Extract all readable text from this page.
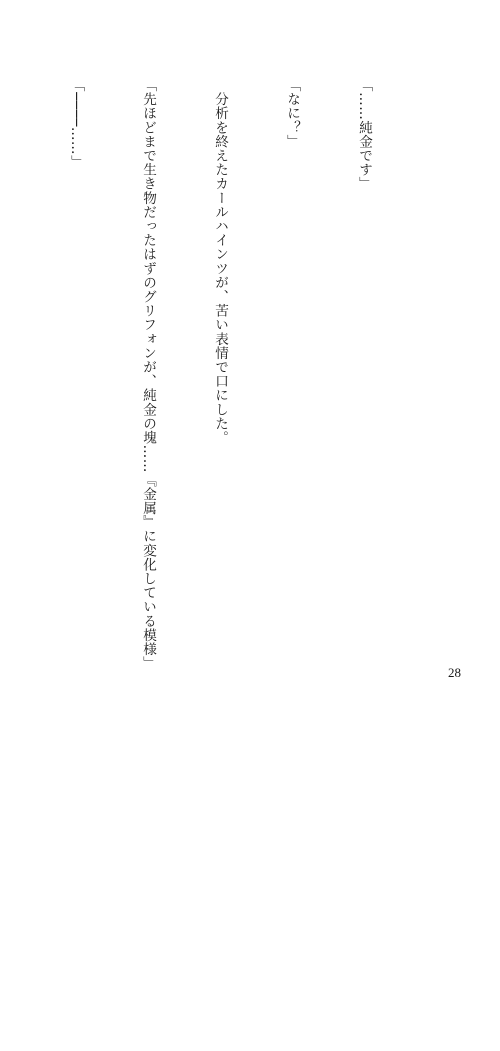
「……純金です」

「なに？」

　分析を終えたカールハインツが、苦い表情で口にした。

「先ほどまで生き物だったはずのグリフォンが、純金の塊……『金属』に変化している模様」

「────……」

28
